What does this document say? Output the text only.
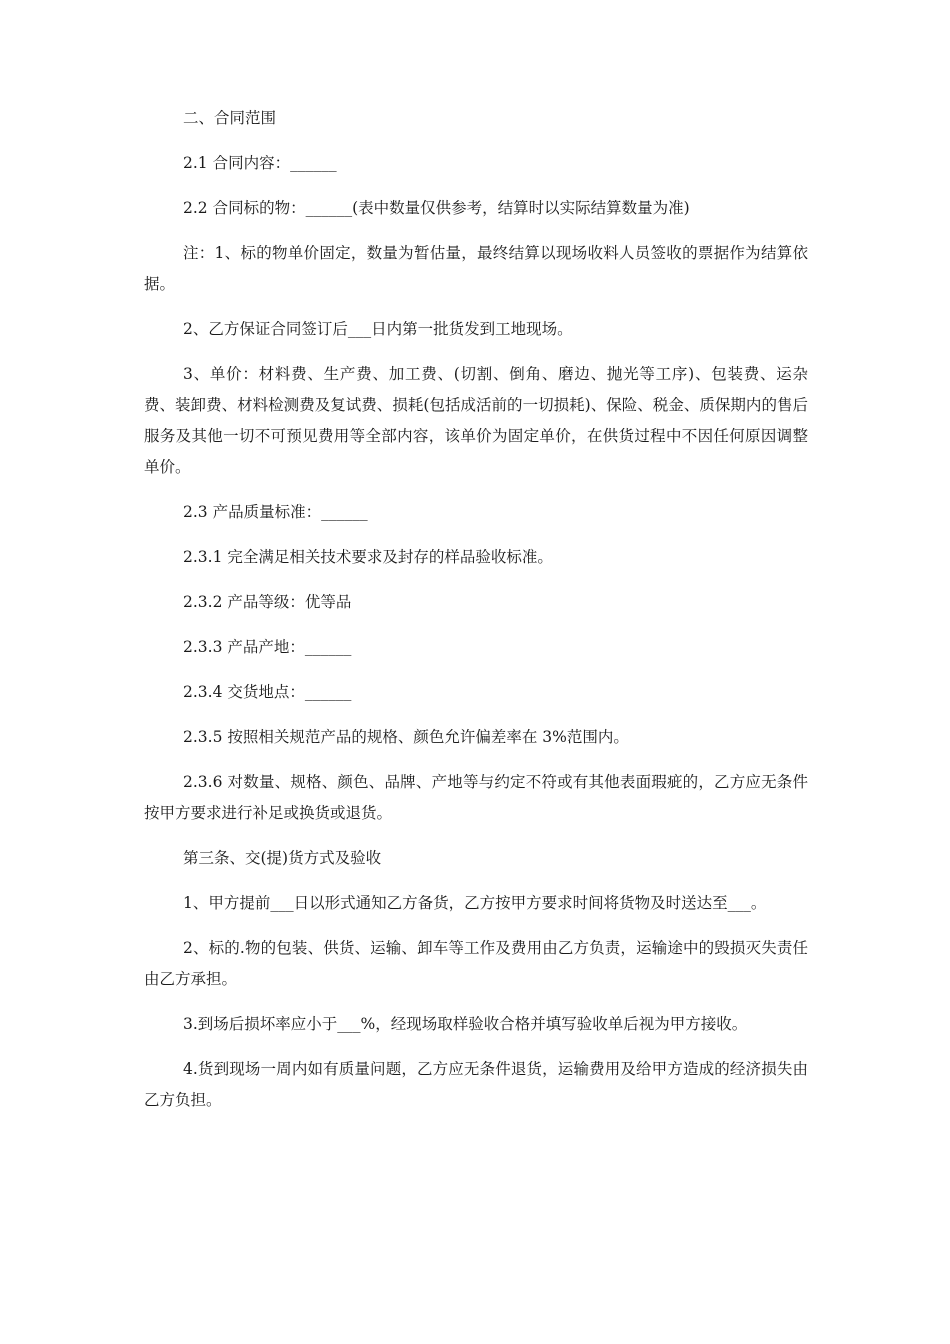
二、合同范围

2.1 合同内容：______

2.2 合同标的物：______(表中数量仅供参考，结算时以实际结算数量为准)

注：1、标的物单价固定，数量为暂估量，最终结算以现场收料人员签收的票据作为结算依据。

2、乙方保证合同签订后___日内第一批货发到工地现场。

3、单价：材料费、生产费、加工费、(切割、倒角、磨边、抛光等工序)、包装费、运杂费、装卸费、材料检测费及复试费、损耗(包括成活前的一切损耗)、保险、税金、质保期内的售后服务及其他一切不可预见费用等全部内容，该单价为固定单价，在供货过程中不因任何原因调整单价。

2.3 产品质量标准：______

2.3.1 完全满足相关技术要求及封存的样品验收标准。

2.3.2 产品等级：优等品

2.3.3 产品产地：______

2.3.4 交货地点：______

2.3.5 按照相关规范产品的规格、颜色允许偏差率在 3%范围内。

2.3.6 对数量、规格、颜色、品牌、产地等与约定不符或有其他表面瑕疵的，乙方应无条件按甲方要求进行补足或换货或退货。

第三条、交(提)货方式及验收

1、甲方提前___日以形式通知乙方备货，乙方按甲方要求时间将货物及时送达至___。

2、标的.物的包装、供货、运输、卸车等工作及费用由乙方负责，运输途中的毁损灭失责任由乙方承担。

3.到场后损坏率应小于___%，经现场取样验收合格并填写验收单后视为甲方接收。

4.货到现场一周内如有质量问题，乙方应无条件退货，运输费用及给甲方造成的经济损失由乙方负担。
